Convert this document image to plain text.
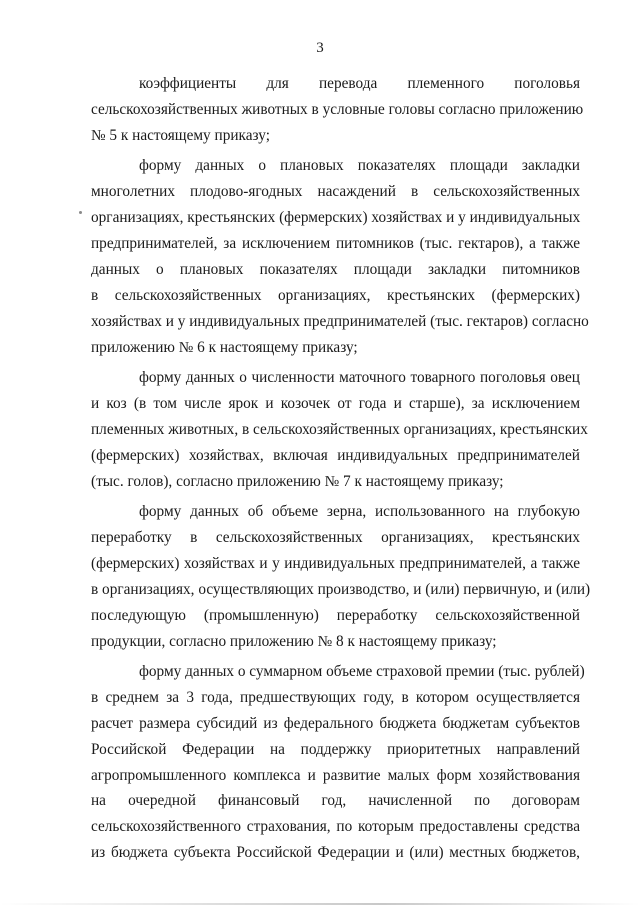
3
коэффициенты для перевода племенного поголовья
сельскохозяйственных животных в условные головы согласно приложению
№ 5 к настоящему приказу;
форму данных о плановых показателях площади закладки
многолетних плодово-ягодных насаждений в сельскохозяйственных
организациях, крестьянских (фермерских) хозяйствах и у индивидуальных
предпринимателей, за исключением питомников (тыс. гектаров), а также
данных о плановых показателях площади закладки питомников
в сельскохозяйственных организациях, крестьянских (фермерских)
хозяйствах и у индивидуальных предпринимателей (тыс. гектаров) согласно
приложению № 6 к настоящему приказу;
форму данных о численности маточного товарного поголовья овец
и коз (в том числе ярок и козочек от года и старше), за исключением
племенных животных, в сельскохозяйственных организациях, крестьянских
(фермерских) хозяйствах, включая индивидуальных предпринимателей
(тыс. голов), согласно приложению № 7 к настоящему приказу;
форму данных об объеме зерна, использованного на глубокую
переработку в сельскохозяйственных организациях, крестьянских
(фермерских) хозяйствах и у индивидуальных предпринимателей, а также
в организациях, осуществляющих производство, и (или) первичную, и (или)
последующую (промышленную) переработку сельскохозяйственной
продукции, согласно приложению № 8 к настоящему приказу;
форму данных о суммарном объеме страховой премии (тыс. рублей)
в среднем за 3 года, предшествующих году, в котором осуществляется
расчет размера субсидий из федерального бюджета бюджетам субъектов
Российской Федерации на поддержку приоритетных направлений
агропромышленного комплекса и развитие малых форм хозяйствования
на очередной финансовый год, начисленной по договорам
сельскохозяйственного страхования, по которым предоставлены средства
из бюджета субъекта Российской Федерации и (или) местных бюджетов,
